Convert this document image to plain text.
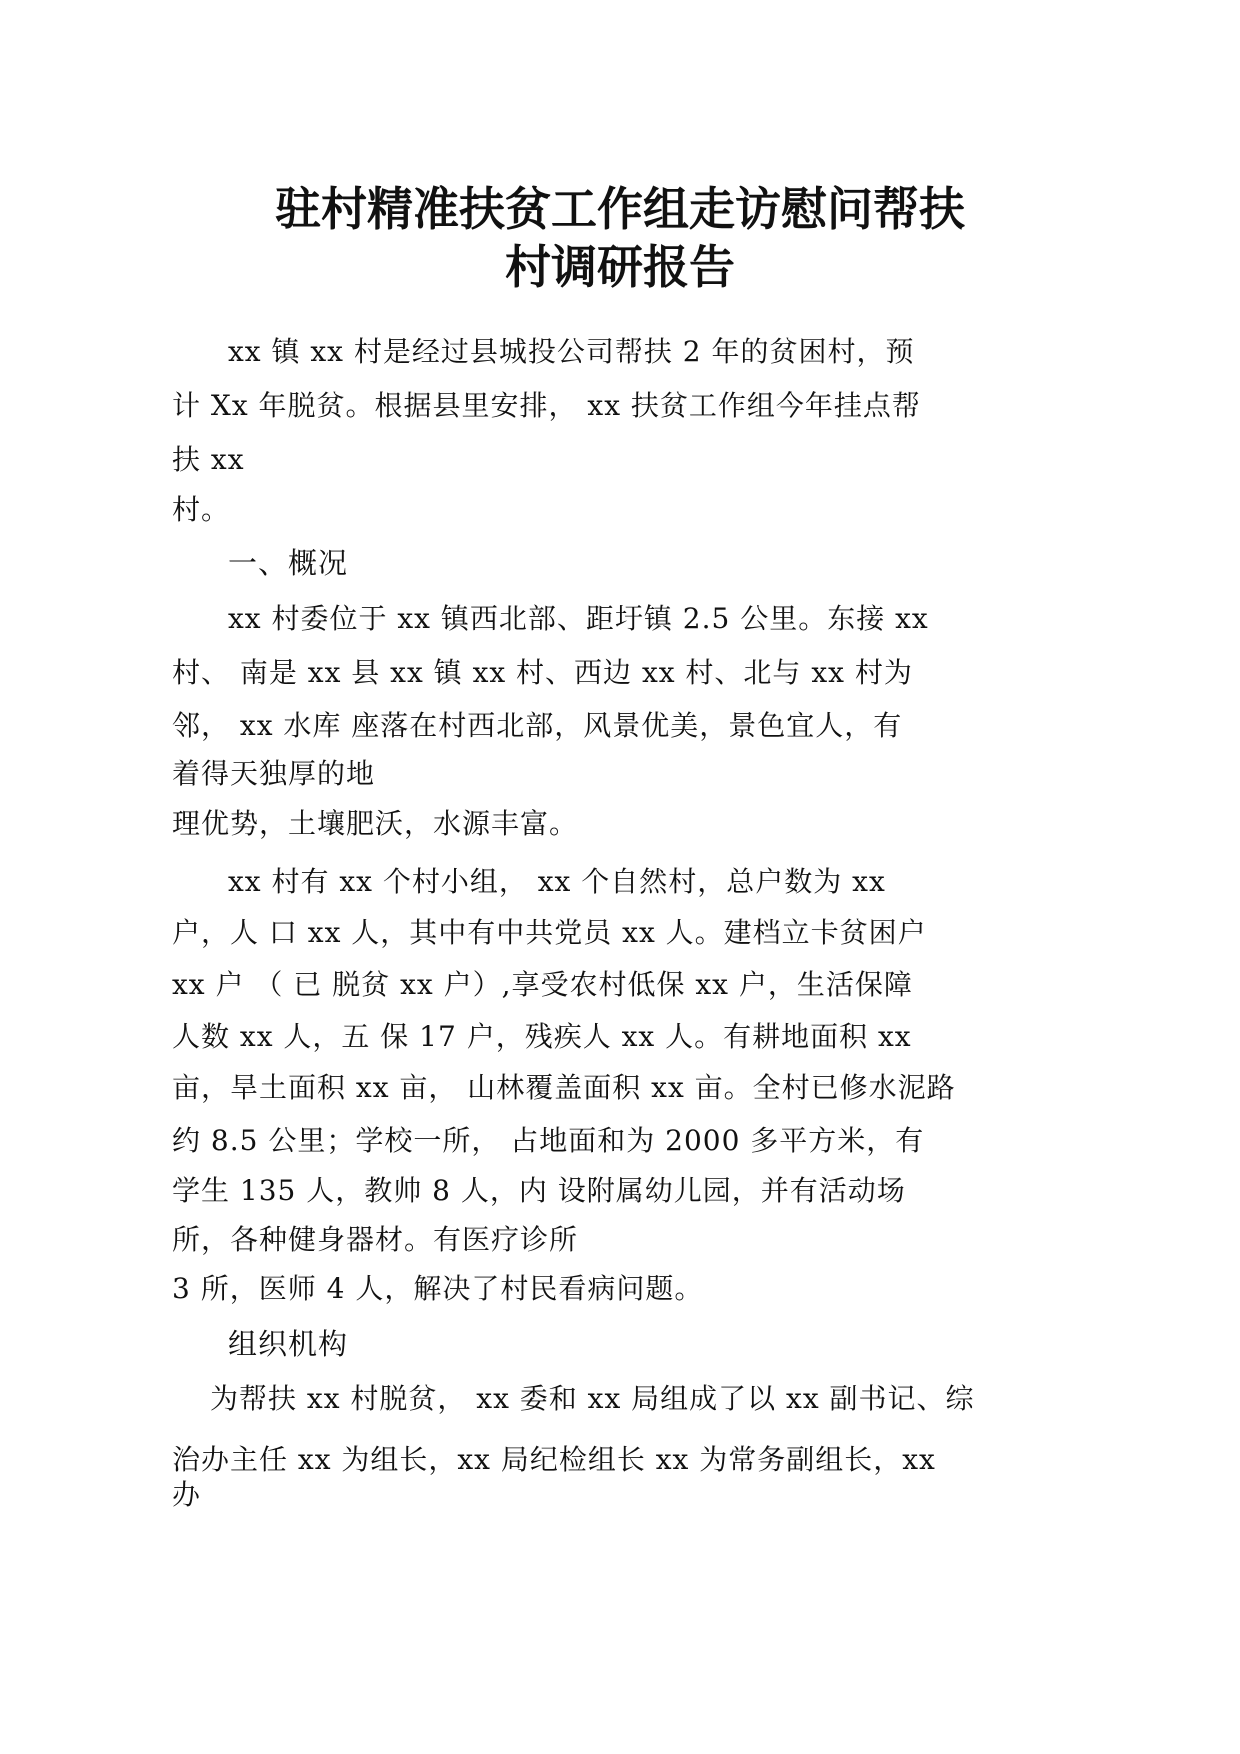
驻村精准扶贫工作组走访慰问帮扶
村调研报告
xx 镇 xx 村是经过县城投公司帮扶 2 年的贫困村，预
计 Xx 年脱贫。根据县里安排， xx 扶贫工作组今年挂点帮
扶 xx
村。
一、概况
xx 村委位于 xx 镇西北部、距圩镇 2.5 公里。东接 xx
村、 南是 xx 县 xx 镇 xx 村、西边 xx 村、北与 xx 村为
邻， xx 水库 座落在村西北部，风景优美，景色宜人，有
着得天独厚的地
理优势，土壤肥沃，水源丰富。
xx 村有 xx 个村小组， xx 个自然村，总户数为 xx
户，人 口 xx 人，其中有中共党员 xx 人。建档立卡贫困户
xx 户 （ 已 脱贫 xx 户）,享受农村低保 xx 户，生活保障
人数 xx 人，五 保 17 户，残疾人 xx 人。有耕地面积 xx
亩，旱土面积 xx 亩， 山林覆盖面积 xx 亩。全村已修水泥路
约 8.5 公里；学校一所， 占地面和为 2000 多平方米，有
学生 135 人，教帅 8 人，内 设附属幼儿园，并有活动场
所，各种健身器材。有医疗诊所
3 所，医师 4 人，解决了村民看病问题。
组织机构
为帮扶 xx 村脱贫， xx 委和 xx 局组成了以 xx 副书记、综
治办主任 xx 为组长，xx 局纪检组长 xx 为常务副组长，xx
办
